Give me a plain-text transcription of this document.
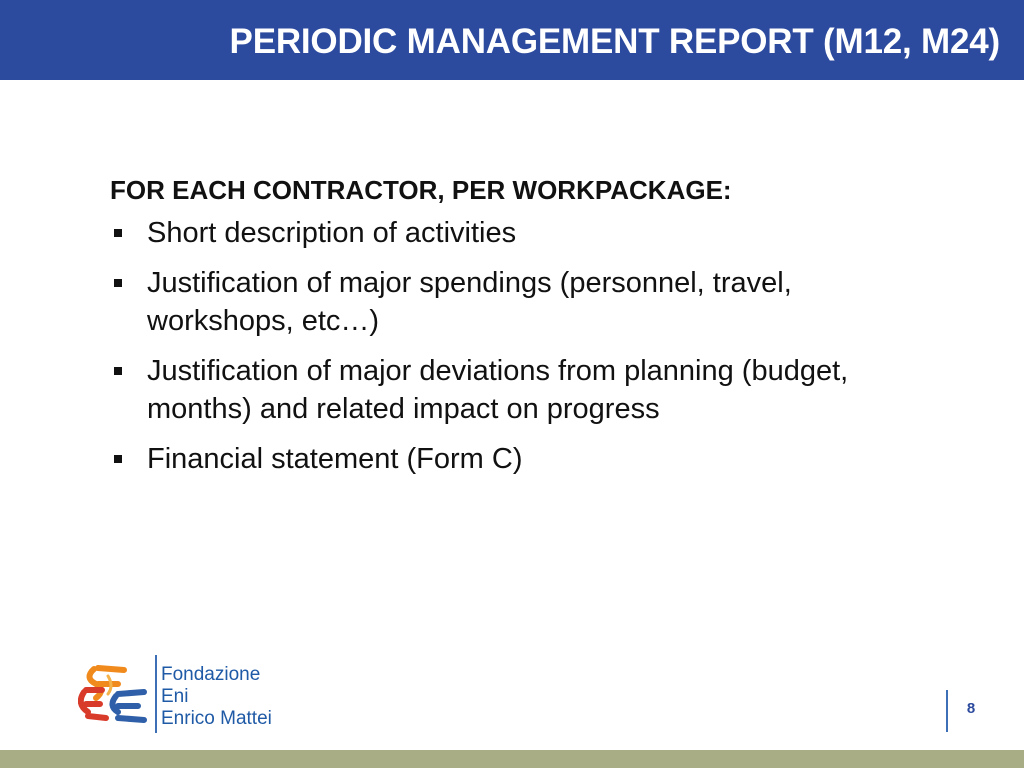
PERIODIC MANAGEMENT REPORT (M12, M24)
FOR EACH CONTRACTOR, PER WORKPACKAGE:
Short description of activities
Justification of major spendings (personnel, travel, workshops, etc…)
Justification of major deviations from planning (budget, months) and related impact on progress
Financial statement (Form C)
Fondazione
Eni
Enrico Mattei	8
